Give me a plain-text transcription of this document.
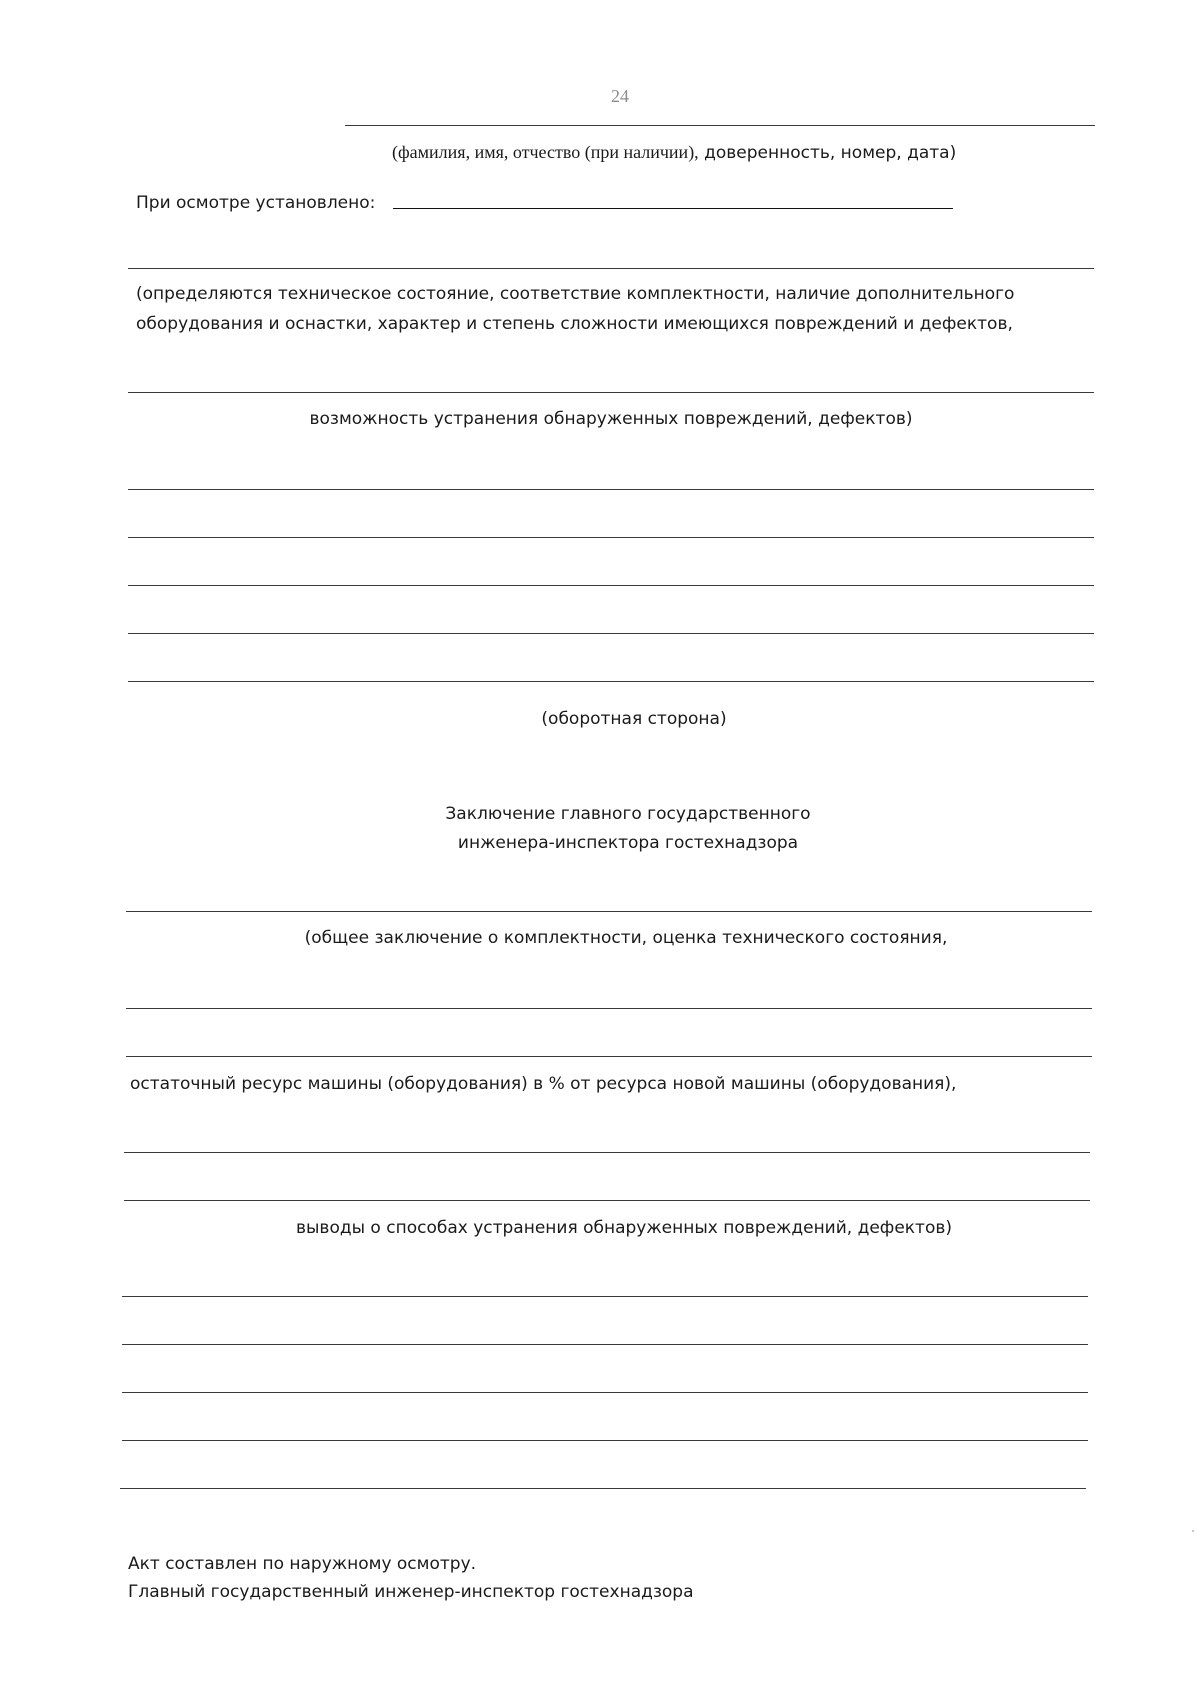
24
(фамилия, имя, отчество (при наличии), доверенность, номер, дата)
При осмотре установлено:
(определяются техническое состояние, соответствие комплектности, наличие дополнительного
оборудования и оснастки, характер и степень сложности имеющихся повреждений и дефектов,
возможность устранения обнаруженных повреждений, дефектов)
(оборотная сторона)
Заключение главного государственного
инженера-инспектора гостехнадзора
(общее заключение о комплектности, оценка технического состояния,
остаточный ресурс машины (оборудования) в % от ресурса новой машины (оборудования),
выводы о способах устранения обнаруженных повреждений, дефектов)
Акт составлен по наружному осмотру.
Главный государственный инженер-инспектор гостехнадзора
